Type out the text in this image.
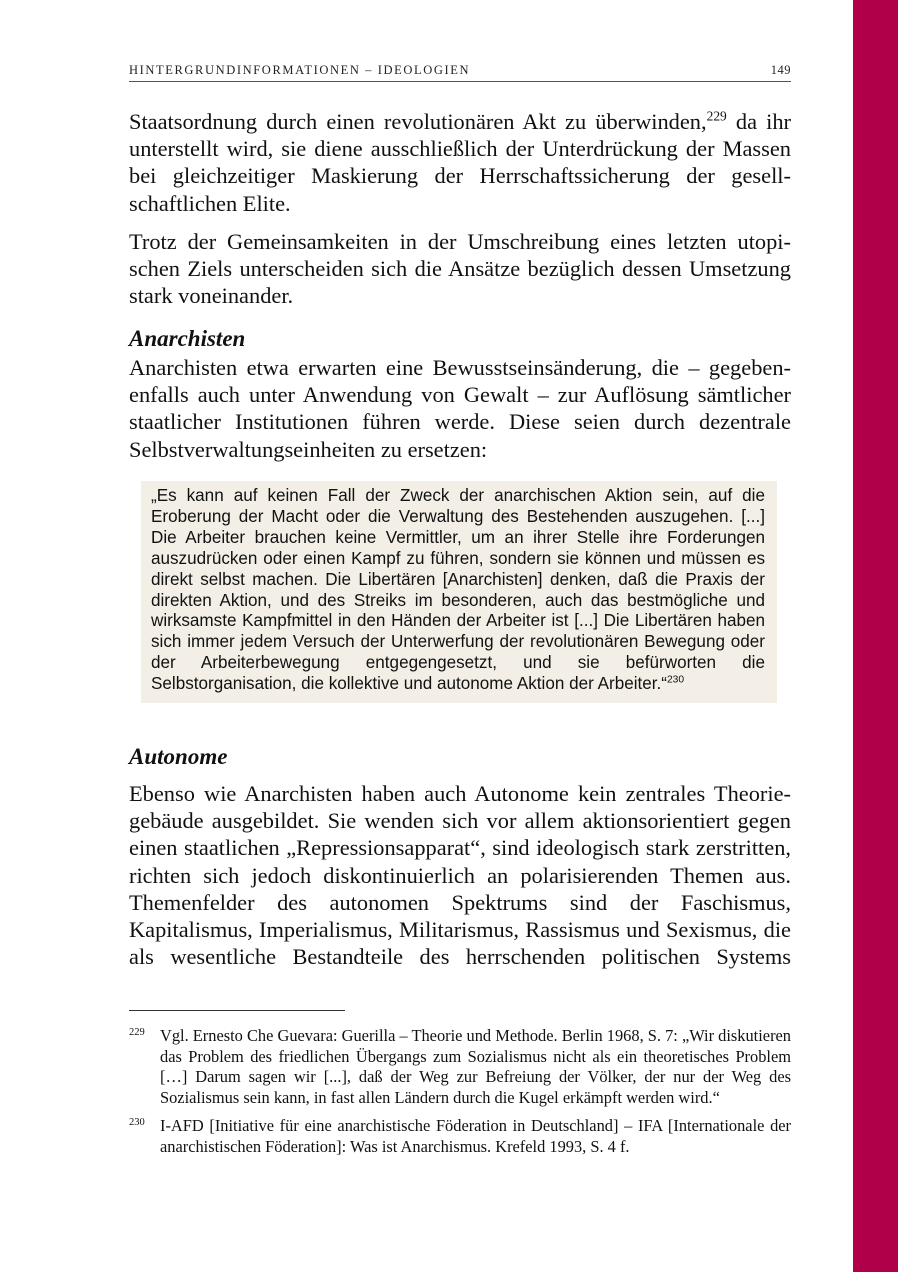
HINTERGRUNDINFORMATIONEN – IDEOLOGIEN	149

Staatsordnung durch einen revolutionären Akt zu überwinden,$^{229}$ da ihr unterstellt wird, sie diene ausschließlich der Unterdrückung der Massen bei gleichzeitiger Maskierung der Herrschaftssicherung der gesellschaftlichen Elite.

Trotz der Gemeinsamkeiten in der Umschreibung eines letzten utopischen Ziels unterscheiden sich die Ansätze bezüglich dessen Umsetzung stark voneinander.

Anarchisten

Anarchisten etwa erwarten eine Bewusstseinsänderung, die – gegebenenfalls auch unter Anwendung von Gewalt – zur Auflösung sämtlicher staatlicher Institutionen führen werde. Diese seien durch dezentrale Selbstverwaltungseinheiten zu ersetzen:

„Es kann auf keinen Fall der Zweck der anarchischen Aktion sein, auf die Eroberung der Macht oder die Verwaltung des Bestehenden auszugehen. [...] Die Arbeiter brauchen keine Vermittler, um an ihrer Stelle ihre Forderungen auszudrücken oder einen Kampf zu führen, sondern sie können und müssen es direkt selbst machen. Die Libertären [Anarchisten] denken, daß die Praxis der direkten Aktion, und des Streiks im besonderen, auch das bestmögliche und wirksamste Kampfmittel in den Händen der Arbeiter ist [...] Die Libertären haben sich immer jedem Versuch der Unterwerfung der revolutionären Bewegung oder der Arbeiterbewegung entgegengesetzt, und sie befürworten die Selbstorganisation, die kollektive und autonome Aktion der Arbeiter.“$^{230}$
Autonome

Ebenso wie Anarchisten haben auch Autonome kein zentrales Theoriegebäude ausgebildet. Sie wenden sich vor allem aktionsorientiert gegen einen staatlichen „Repressionsapparat“, sind ideologisch stark zerstritten, richten sich jedoch diskontinuierlich an polarisierenden Themen aus. Themenfelder des autonomen Spektrums sind der Faschismus, Kapitalismus, Imperialismus, Militarismus, Rassismus und Sexismus, die als wesentliche Bestandteile des herrschenden politischen Systems

229 Vgl. Ernesto Che Guevara: Guerilla – Theorie und Methode. Berlin 1968, S. 7: „Wir diskutieren das Problem des friedlichen Übergangs zum Sozialismus nicht als ein theoretisches Problem […] Darum sagen wir [...], daß der Weg zur Befreiung der Völker, der nur der Weg des Sozialismus sein kann, in fast allen Ländern durch die Kugel erkämpft werden wird.“
230 I-AFD [Initiative für eine anarchistische Föderation in Deutschland] – IFA [Internationale der anarchistischen Föderation]: Was ist Anarchismus. Krefeld 1993, S. 4 f.
